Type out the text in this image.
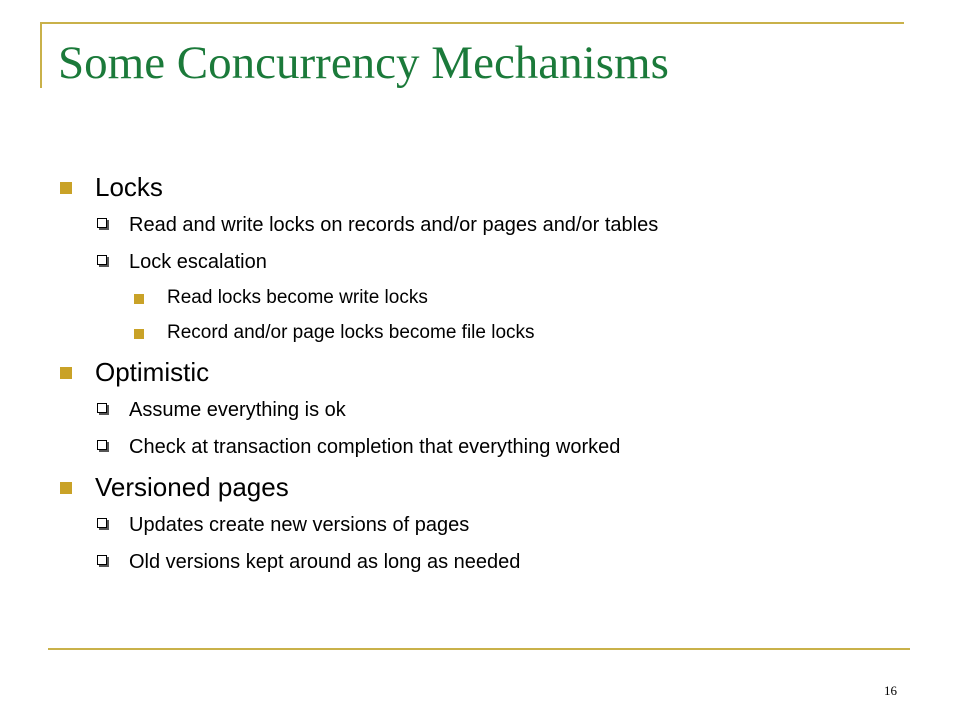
Some Concurrency Mechanisms
Locks
Read and write locks on records and/or pages and/or tables
Lock escalation
Read locks become write locks
Record and/or page locks become file locks
Optimistic
Assume everything is ok
Check at transaction completion that everything worked
Versioned pages
Updates create new versions of pages
Old versions kept around as long as needed
16
